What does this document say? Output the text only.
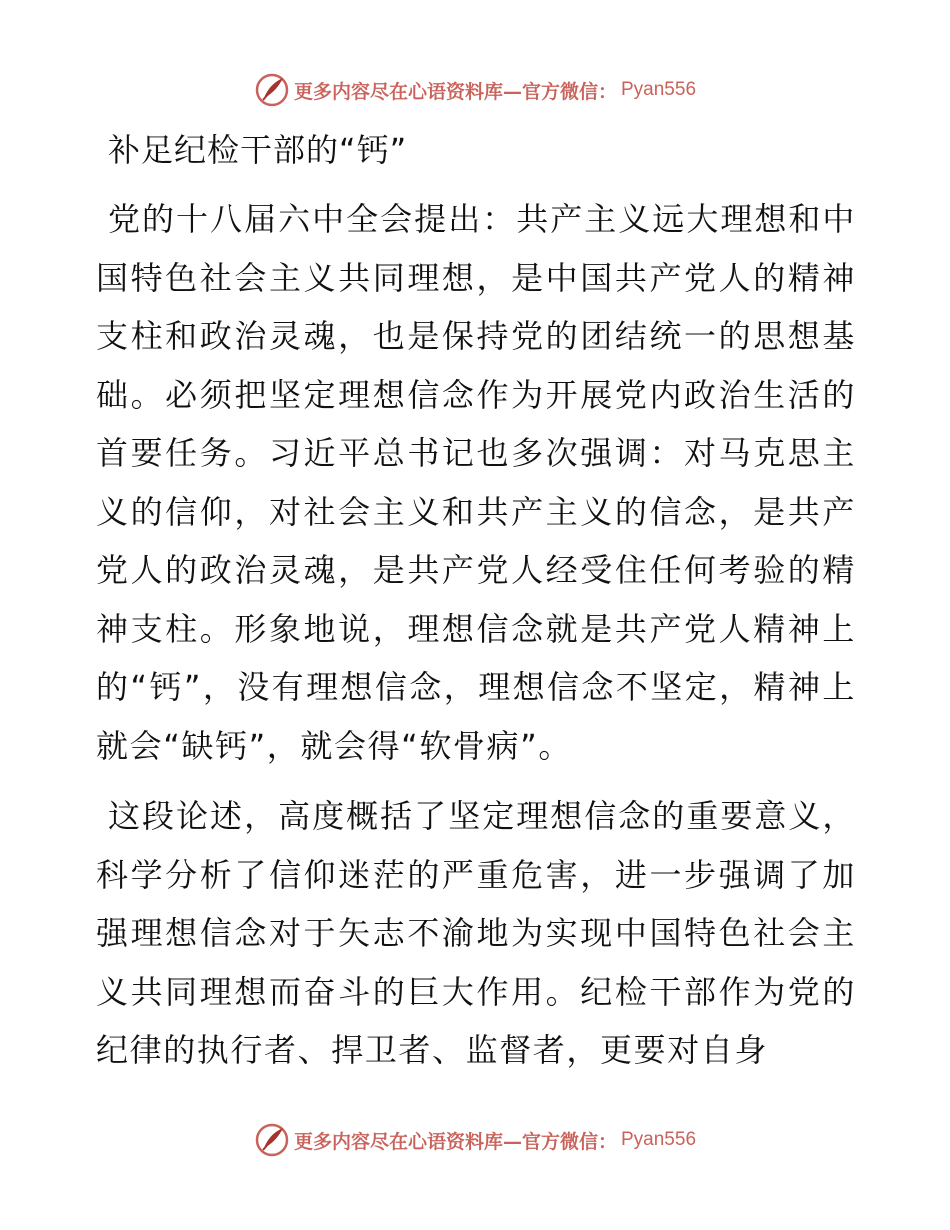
更多内容尽在心语资料库—官方微信： Pyan556
补足纪检干部的“钙”

党的十八届六中全会提出：共产主义远大理想和中国特色社会主义共同理想，是中国共产党人的精神支柱和政治灵魂，也是保持党的团结统一的思想基础。必须把坚定理想信念作为开展党内政治生活的首要任务。习近平总书记也多次强调：对马克思主义的信仰，对社会主义和共产主义的信念，是共产党人的政治灵魂，是共产党人经受住任何考验的精神支柱。形象地说，理想信念就是共产党人精神上的“钙”，没有理想信念，理想信念不坚定，精神上就会“缺钙”，就会得“软骨病”。

这段论述，高度概括了坚定理想信念的重要意义，科学分析了信仰迷茫的严重危害，进一步强调了加强理想信念对于矢志不渝地为实现中国特色社会主义共同理想而奋斗的巨大作用。纪检干部作为党的纪律的执行者、捍卫者、监督者，更要对自身

更多内容尽在心语资料库—官方微信： Pyan556
